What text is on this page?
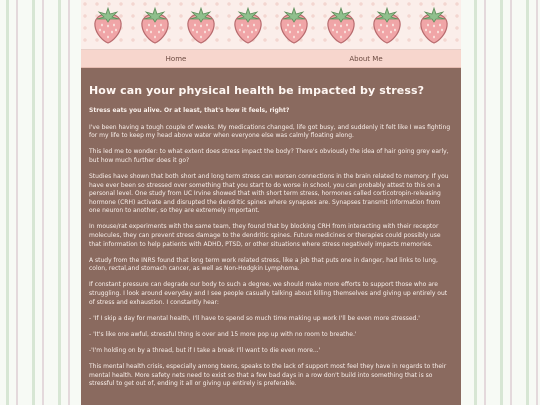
Home	About Me
How can your physical health be impacted by stress?

Stress eats you alive. Or at least, that's how it feels, right?

I've been having a tough couple of weeks. My medications changed, life got busy, and suddenly it felt like I was fighting for my life to keep my head above water when everyone else was calmly floating along.

This led me to wonder: to what extent does stress impact the body? There's obviously the idea of hair going grey early, but how much further does it go?

Studies have shown that both short and long term stress can worsen connections in the brain related to memory. If you have ever been so stressed over something that you start to do worse in school, you can probably attest to this on a personal level. One study from UC Irvine showed that with short term stress, hormones called corticotropin-releasing hormone (CRH) activate and disrupted the dendritic spines where synapses are. Synapses transmit information from one neuron to another, so they are extremely important.

In mouse/rat experiments with the same team, they found that by blocking CRH from interacting with their receptor molecules, they can prevent stress damage to the dendritic spines. Future medicines or therapies could possibly use that information to help patients with ADHD, PTSD, or other situations where stress negatively impacts memories.

A study from the INRS found that long term work related stress, like a job that puts one in danger, had links to lung, colon, rectal,and stomach cancer, as well as Non-Hodgkin Lymphoma.

If constant pressure can degrade our body to such a degree, we should make more efforts to support those who are struggling. I look around everyday and I see people casually talking about killing themselves and giving up entirely out of stress and exhaustion. I constantly hear:

- 'If I skip a day for mental health, I'll have to spend so much time making up work I'll be even more stressed.'

- 'It's like one awful, stressful thing is over and 15 more pop up with no room to breathe.'

-'I'm holding on by a thread, but if I take a break I'll want to die even more...'

This mental health crisis, especially among teens, speaks to the lack of support most feel they have in regards to their mental health. More safety nets need to exist so that a few bad days in a row don't build into something that is so stressful to get out of, ending it all or giving up entirely is preferable.
